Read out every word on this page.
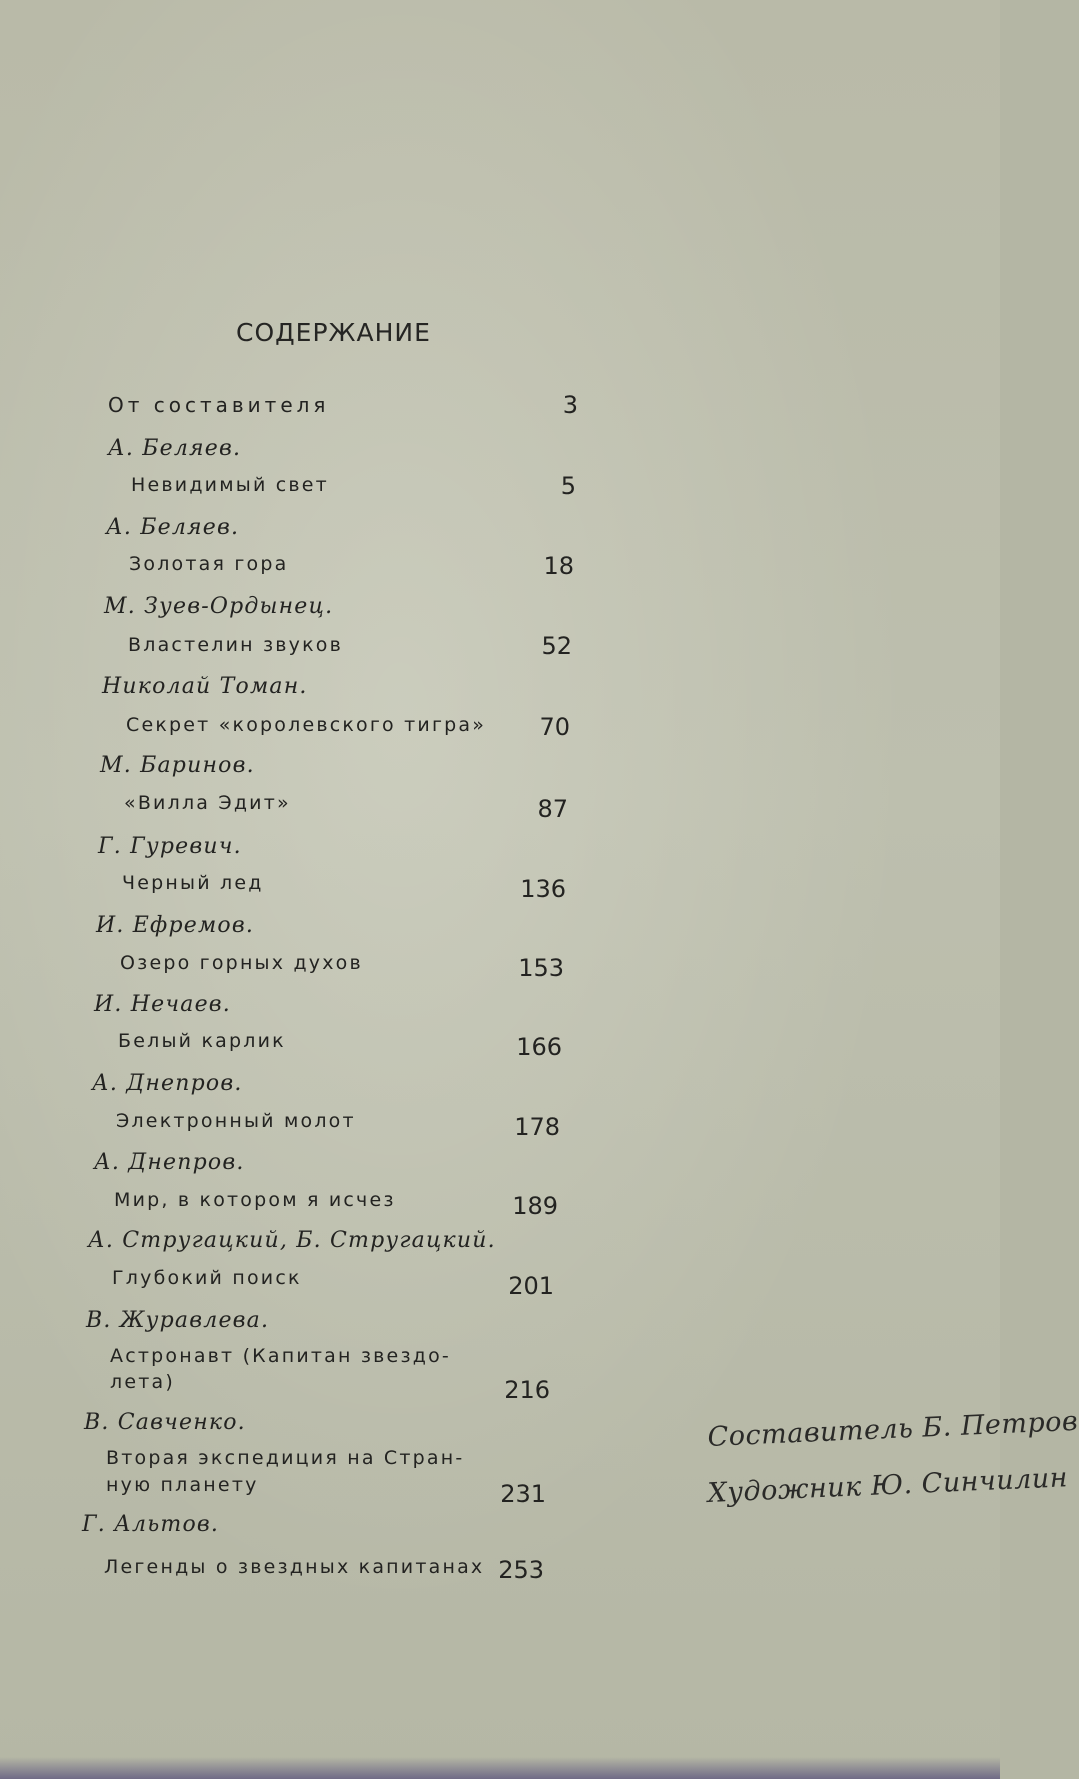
СОДЕРЖАНИЕ
От составителя	3
А. Беляев.
Невидимый свет	5
А. Беляев.
Золотая гора	18
М. Зуев-Ордынец.
Властелин звуков	52
Николай Томан.
Секрет «королевского тигра»	70
М. Баринов.
«Вилла Эдит»	87
Г. Гуревич.
Черный лед	136
И. Ефремов.
Озеро горных духов	153
И. Нечаев.
Белый карлик	166
А. Днепров.
Электронный молот	178
А. Днепров.
Мир, в котором я исчез	189
А. Стругацкий, Б. Стругацкий.
Глубокий поиск	201
В. Журавлева.
Астронавт (Капитан звездо-
лета)	216
В. Савченко.
Вторая экспедиция на Стран-
ную планету	231
Г. Альтов.
Легенды о звездных капитанах 253
Составитель Б. Петров
Художник Ю. Синчилин
